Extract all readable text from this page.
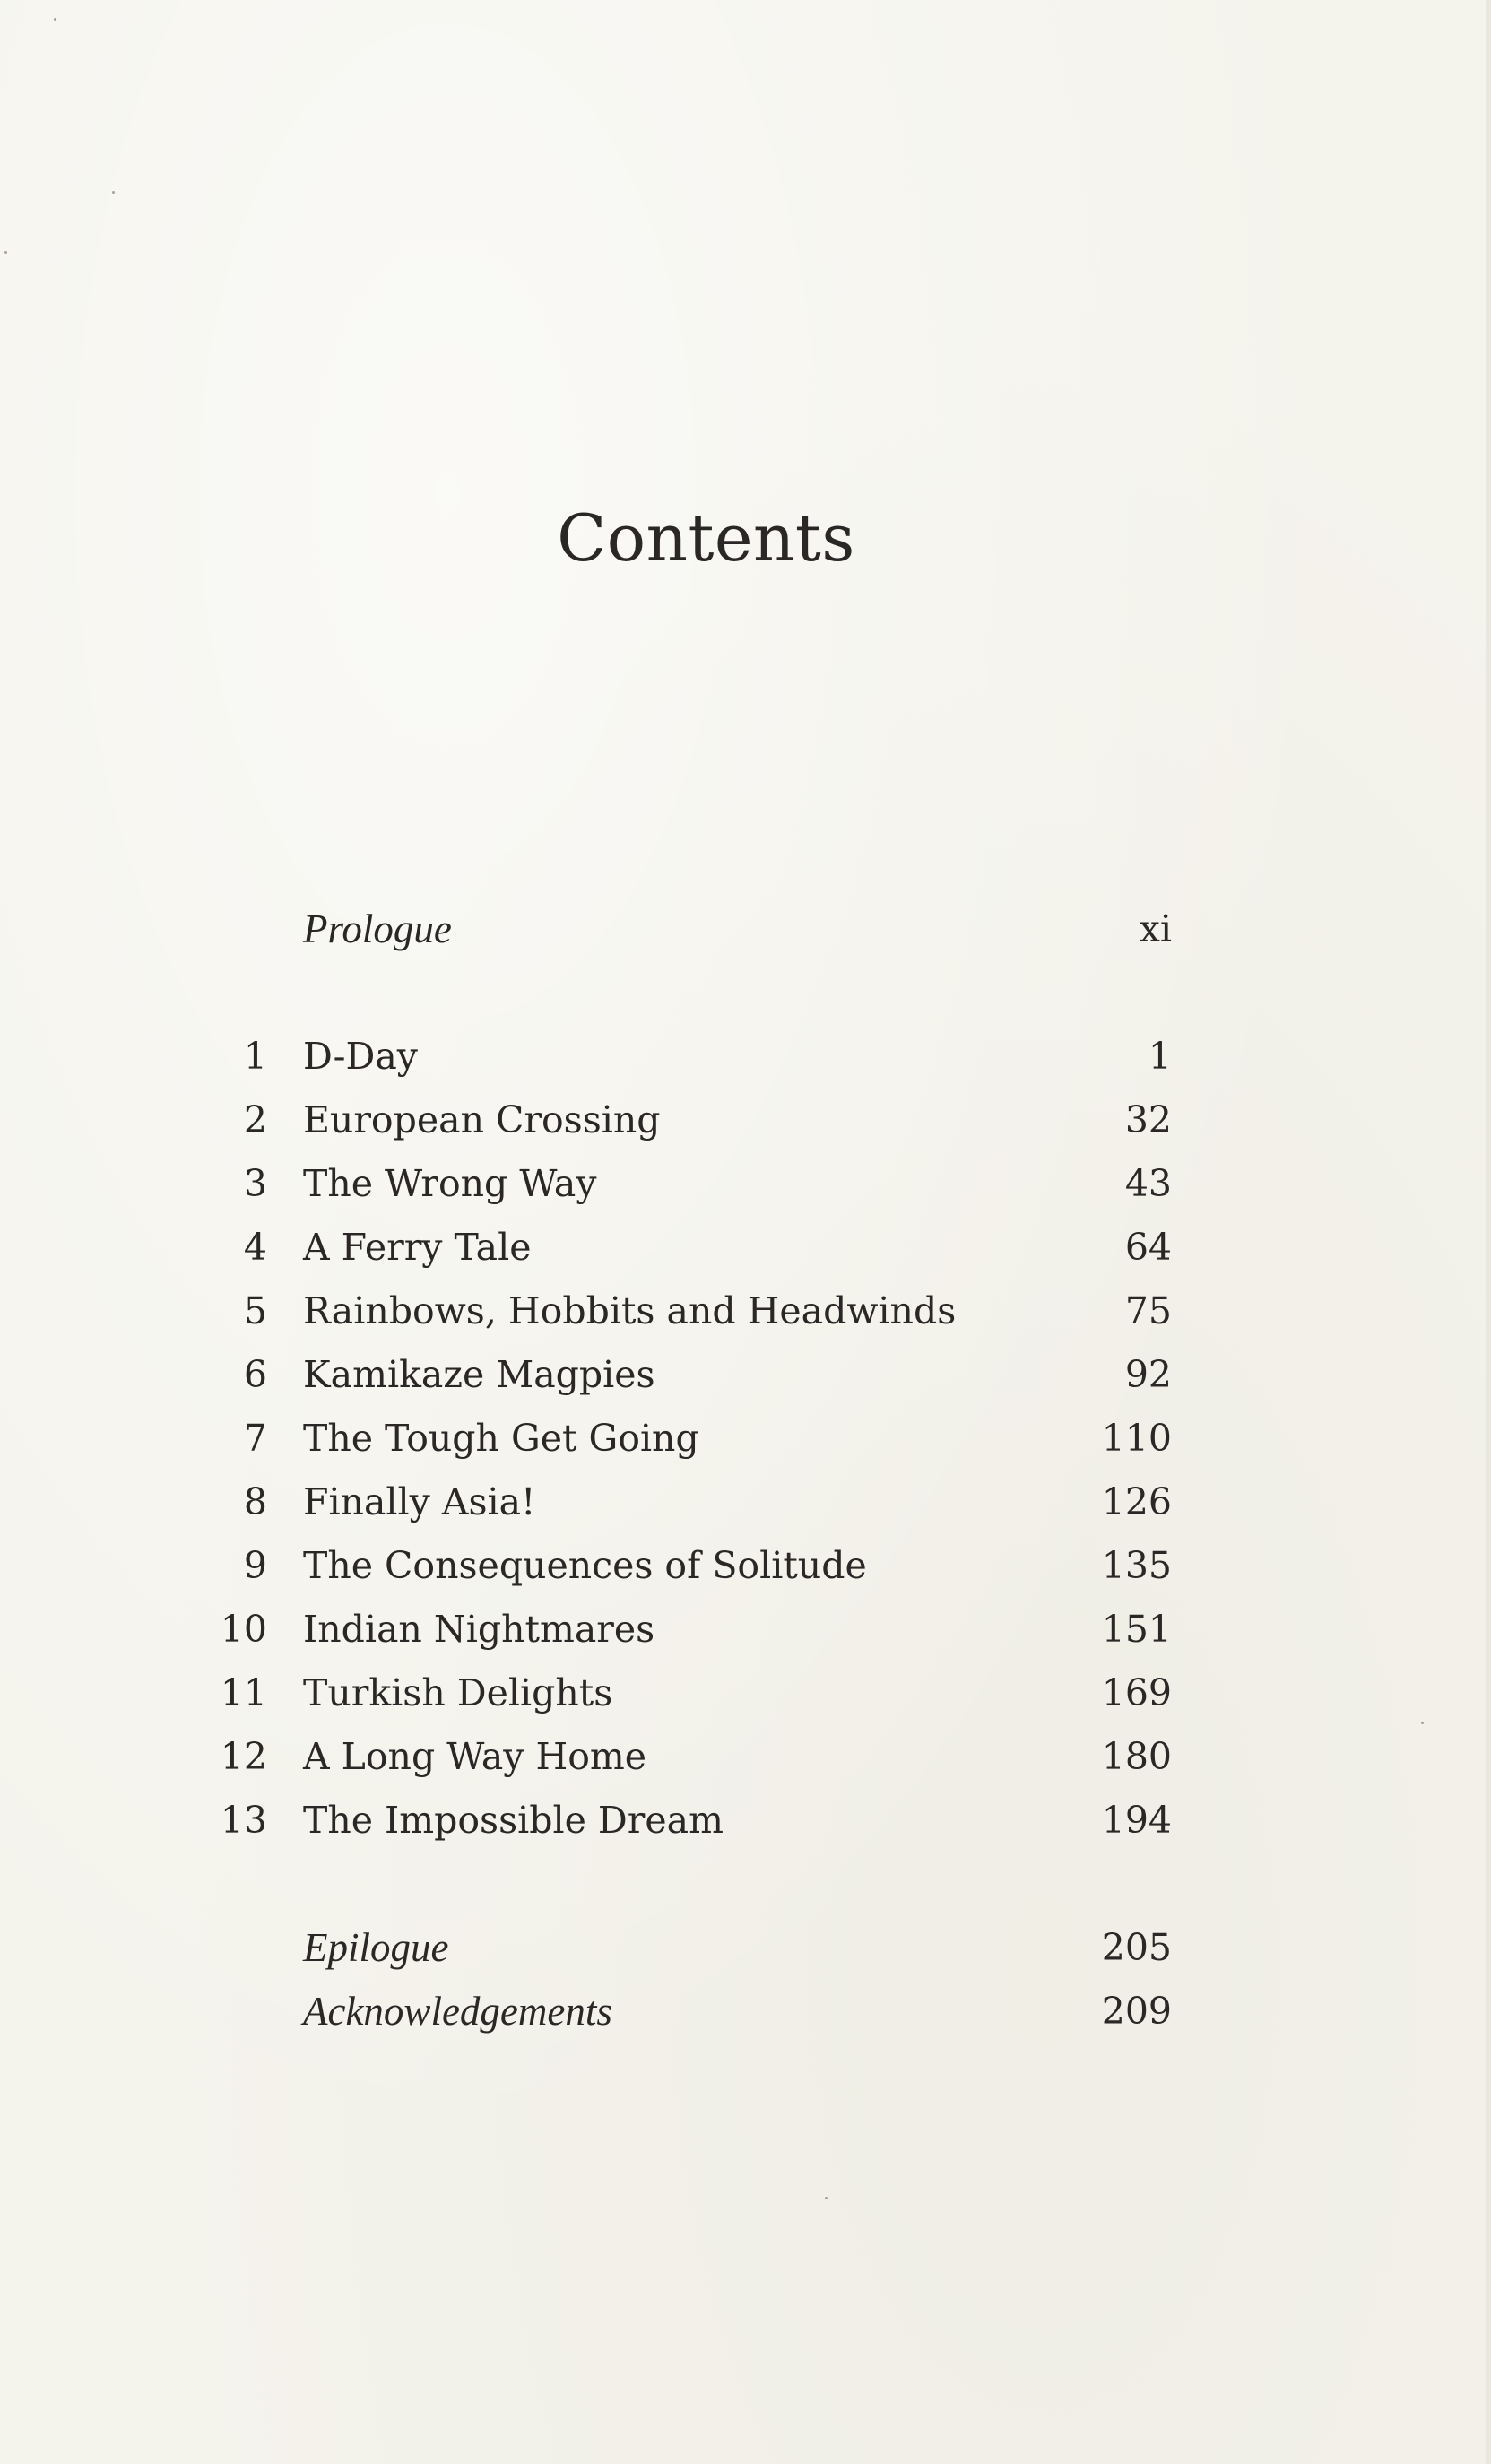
Contents
Prologue	xi
1 D-Day	1
2 European Crossing	32
3 The Wrong Way	43
4 A Ferry Tale	64
5 Rainbows, Hobbits and Headwinds	75
6 Kamikaze Magpies	92
7 The Tough Get Going	110
8 Finally Asia!	126
9 The Consequences of Solitude	135
10 Indian Nightmares	151
11 Turkish Delights	169
12 A Long Way Home	180
13 The Impossible Dream	194
Epilogue	205
Acknowledgements	209
